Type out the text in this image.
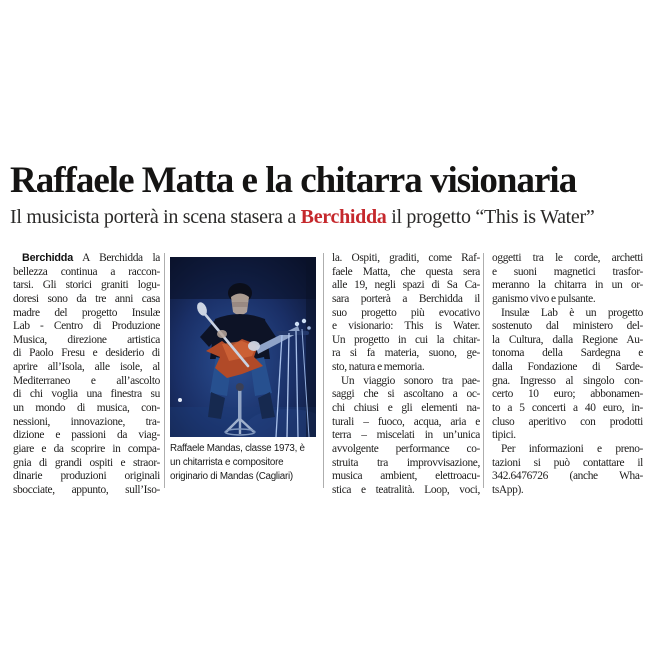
Raffaele Matta e la chitarra visionaria

Il musicista porterà in scena stasera a Berchidda il progetto “This is Water”

Berchidda A Berchidda la
bellezza continua a raccon-
tarsi. Gli storici graniti logu-
doresi sono da tre anni casa
madre del progetto Insulæ
Lab - Centro di Produzione
Musica, direzione artistica
di Paolo Fresu e desiderio di
aprire all’Isola, alle isole, al
Mediterraneo e all’ascolto
di chi voglia una finestra su
un mondo di musica, con-
nessioni, innovazione, tra-
dizione e passioni da viag-
giare e da scoprire in compa-
gnia di grandi ospiti e straor-
dinarie produzioni originali
sbocciate, appunto, sull’Iso-
Raffaele Mandas, classe 1973, è
un chitarrista e compositore
originario di Mandas (Cagliari)
la. Ospiti, graditi, come Raf-
faele Matta, che questa sera
alle 19, negli spazi di Sa Ca-
sara porterà a Berchidda il
suo progetto più evocativo
e visionario: This is Water.
Un progetto in cui la chitar-
ra si fa materia, suono, ge-
sto, natura e memoria.
Un viaggio sonoro tra pae-
saggi che si ascoltano a oc-
chi chiusi e gli elementi na-
turali – fuoco, acqua, aria e
terra – miscelati in un’unica
avvolgente performance co-
struita tra improvvisazione,
musica ambient, elettroacu-
stica e teatralità. Loop, voci,
oggetti tra le corde, archetti
e suoni magnetici trasfor-
meranno la chitarra in un or-
ganismo vivo e pulsante.
Insulæ Lab è un progetto
sostenuto dal ministero del-
la Cultura, dalla Regione Au-
tonoma della Sardegna e
dalla Fondazione di Sarde-
gna. Ingresso al singolo con-
certo 10 euro; abbonamen-
to a 5 concerti a 40 euro, in-
cluso aperitivo con prodotti
tipici.
Per informazioni e preno-
tazioni si può contattare il
342.6476726 (anche Wha-
tsApp).
